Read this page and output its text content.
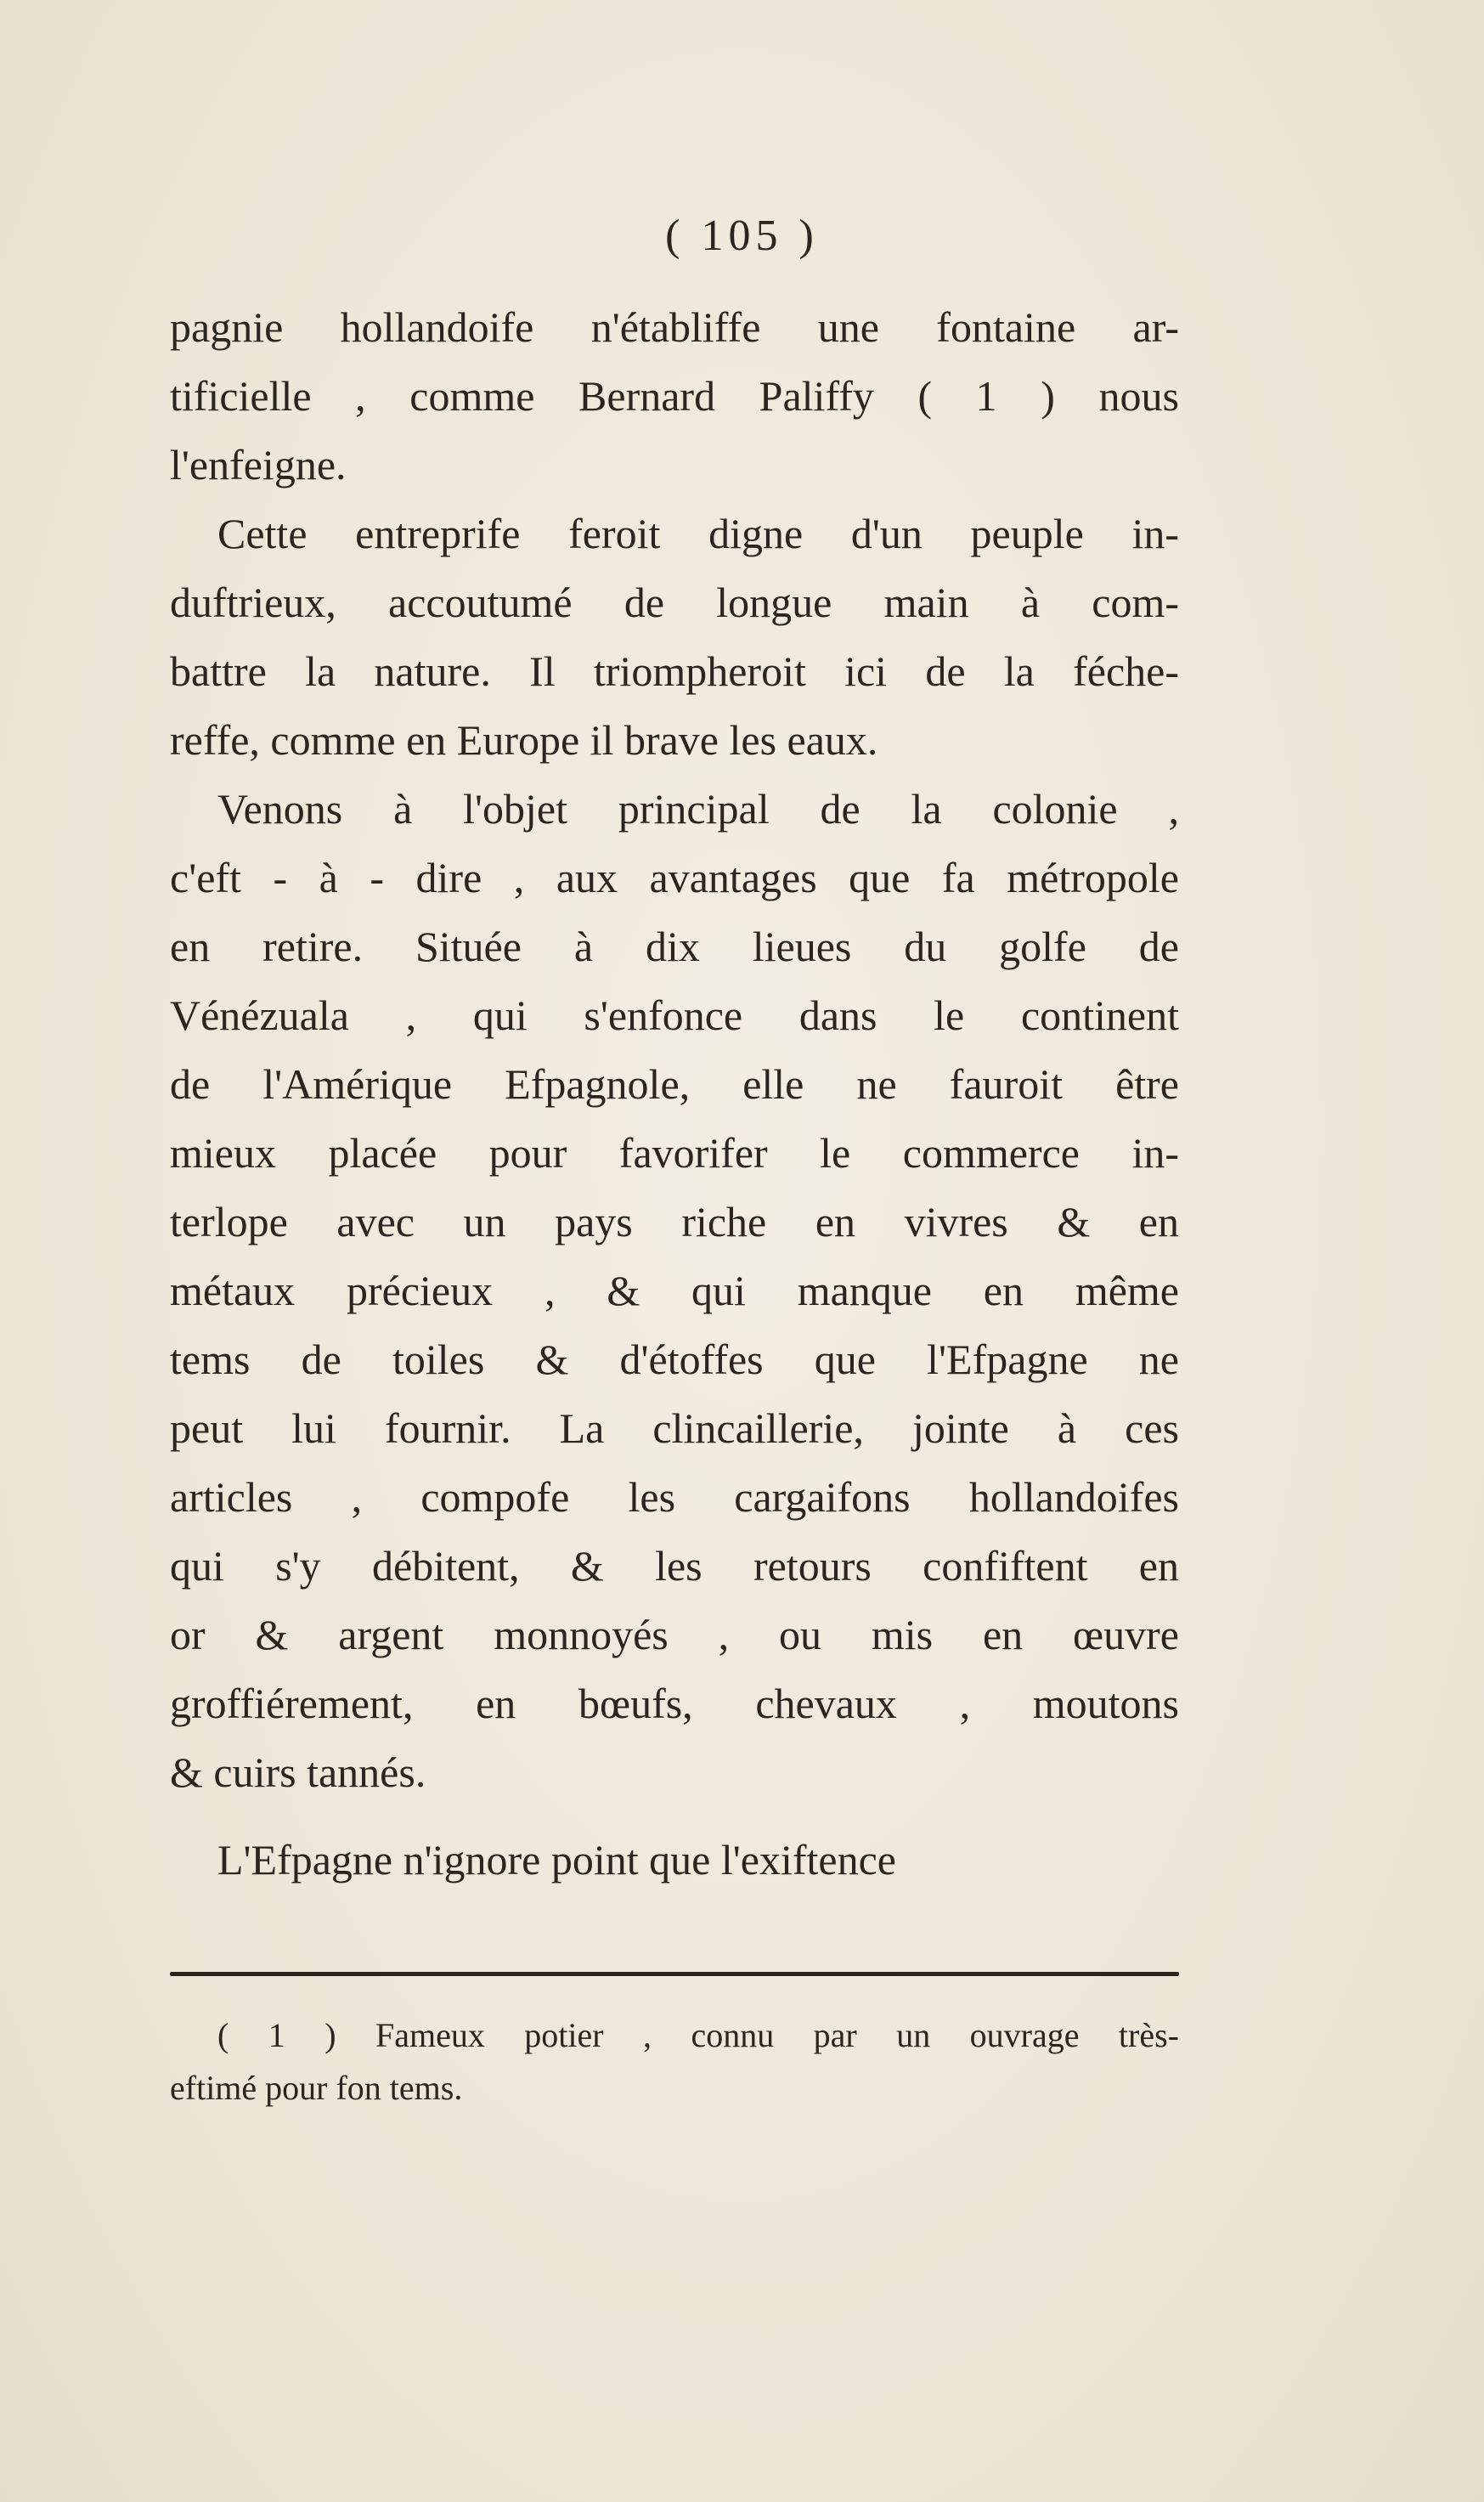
( 105 )
pagnie hollandoife n'établiffe une fontaine ar-
tificielle , comme Bernard Paliffy ( 1 ) nous
l'enfeigne.
Cette entreprife feroit digne d'un peuple in-
duftrieux, accoutumé de longue main à com-
battre la nature. Il triompheroit ici de la féche-
reffe, comme en Europe il brave les eaux.
Venons à l'objet principal de la colonie ,
c'eft - à - dire , aux avantages que fa métropole
en retire. Située à dix lieues du golfe de
Vénézuala , qui s'enfonce dans le continent
de l'Amérique Efpagnole, elle ne fauroit être
mieux placée pour favorifer le commerce in-
terlope avec un pays riche en vivres & en
métaux précieux , & qui manque en même
tems de toiles & d'étoffes que l'Efpagne ne
peut lui fournir. La clincaillerie, jointe à ces
articles , compofe les cargaifons hollandoifes
qui s'y débitent, & les retours confiftent en
or & argent monnoyés , ou mis en œuvre
groffiérement, en bœufs, chevaux , moutons
& cuirs tannés.
L'Efpagne n'ignore point que l'exiftence
( 1 ) Fameux potier , connu par un ouvrage très-
eftimé pour fon tems.
